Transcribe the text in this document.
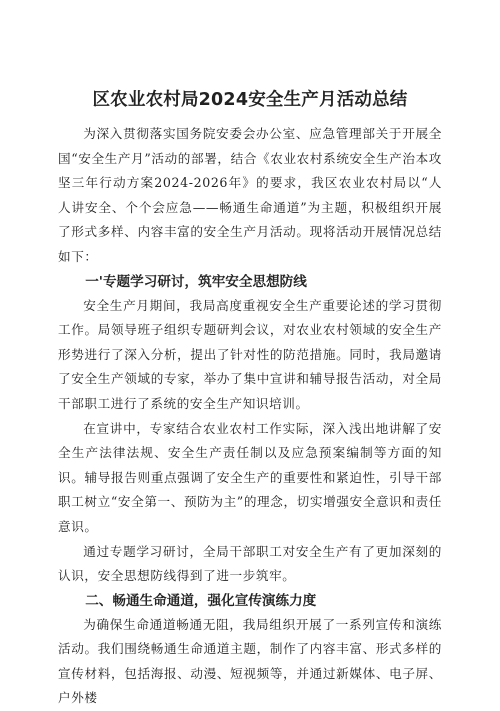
区农业农村局2024安全生产月活动总结

为深入贯彻落实国务院安委会办公室、应急管理部关于开展全国“安全生产月”活动的部署，结合《农业农村系统安全生产治本攻坚三年行动方案2024-2026年》的要求，我区农业农村局以“人人讲安全、个个会应急——畅通生命通道”为主题，积极组织开展了形式多样、内容丰富的安全生产月活动。现将活动开展情况总结如下：

一'专题学习研讨，筑牢安全思想防线

安全生产月期间，我局高度重视安全生产重要论述的学习贯彻工作。局领导班子组织专题研判会议，对农业农村领域的安全生产形势进行了深入分析，提出了针对性的防范措施。同时，我局邀请了安全生产领域的专家，举办了集中宣讲和辅导报告活动，对全局干部职工进行了系统的安全生产知识培训。

在宣讲中，专家结合农业农村工作实际，深入浅出地讲解了安全生产法律法规、安全生产责任制以及应急预案编制等方面的知识。辅导报告则重点强调了安全生产的重要性和紧迫性，引导干部职工树立“安全第一、预防为主”的理念，切实增强安全意识和责任意识。

通过专题学习研讨，全局干部职工对安全生产有了更加深刻的认识，安全思想防线得到了进一步筑牢。

二、畅通生命通道，强化宣传演练力度

为确保生命通道畅通无阻，我局组织开展了一系列宣传和演练活动。我们围绕畅通生命通道主题，制作了内容丰富、形式多样的宣传材料，包括海报、动漫、短视频等，并通过新媒体、电子屏、户外楼
